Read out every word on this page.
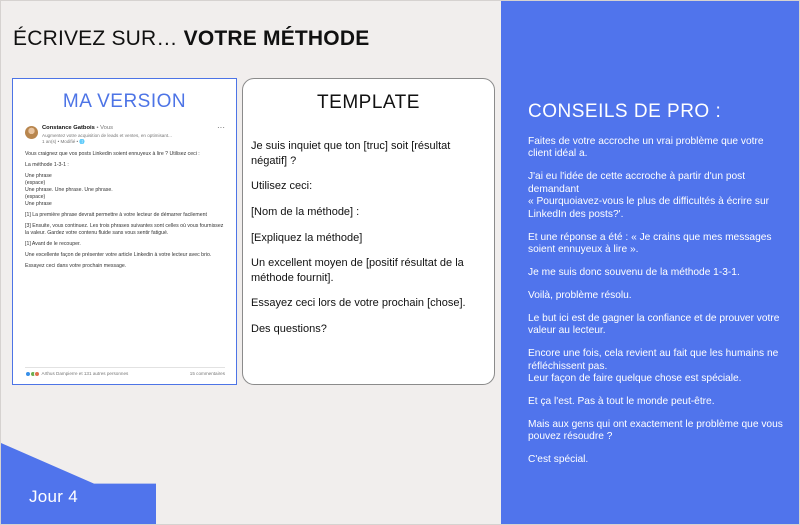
ÉCRIVEZ SUR… VOTRE MÉTHODE
MA VERSION
Constance Gatbois • Vous
Augmentez votre acquisition de leads et ventes, en optimisant...
1 an(s) • Modifié • 🌐
···
Vous craignez que vos posts Linkedin soient ennuyeux à lire ? Utilisez ceci :
La méthode 1-3-1 :
Une phrase
(espace)
Une phrase. Une phrase. Une phrase.
(espace)
Une phrase
[1] La première phrase devrait permettre à votre lecteur de démarrer facilement
[3] Ensuite, vous continuez. Les trois phrases suivantes sont celles où vous fournissez la valeur. Gardez votre contenu fluide sans vous sentir fatigué.
[1] Avant de le recouper.
Une excellente façon de présenter votre article Linkedin à votre lecteur avec brio.
Essayez ceci dans votre prochain message.
Arthus Dampierre et 131 autres personnes	15 commentaires
TEMPLATE

Je suis inquiet que ton [truc] soit [résultat négatif] ?

Utilisez ceci:

[Nom de la méthode] :

[Expliquez la méthode]

Un excellent moyen de [positif résultat de la méthode fournit].

Essayez ceci lors de votre prochain [chose].

Des questions?

CONSEILS DE PRO :

Faites de votre accroche un vrai problème que votre client idéal a.

J'ai eu l'idée de cette accroche à partir d'un post demandant
« Pourquoiavez-vous le plus de difficultés à écrire sur LinkedIn des posts?'.

Et une réponse a été : « Je crains que mes messages soient ennuyeux à lire ».

Je me suis donc souvenu de la méthode 1-3-1.

Voilà, problème résolu.

Le but ici est de gagner la confiance et de prouver votre valeur au lecteur.

Encore une fois, cela revient au fait que les humains ne réfléchissent pas.
Leur façon de faire quelque chose est spéciale.

Et ça l'est. Pas à tout le monde peut-être.

Mais aux gens qui ont exactement le problème que vous pouvez résoudre ?

C'est spécial.

Jour 4
